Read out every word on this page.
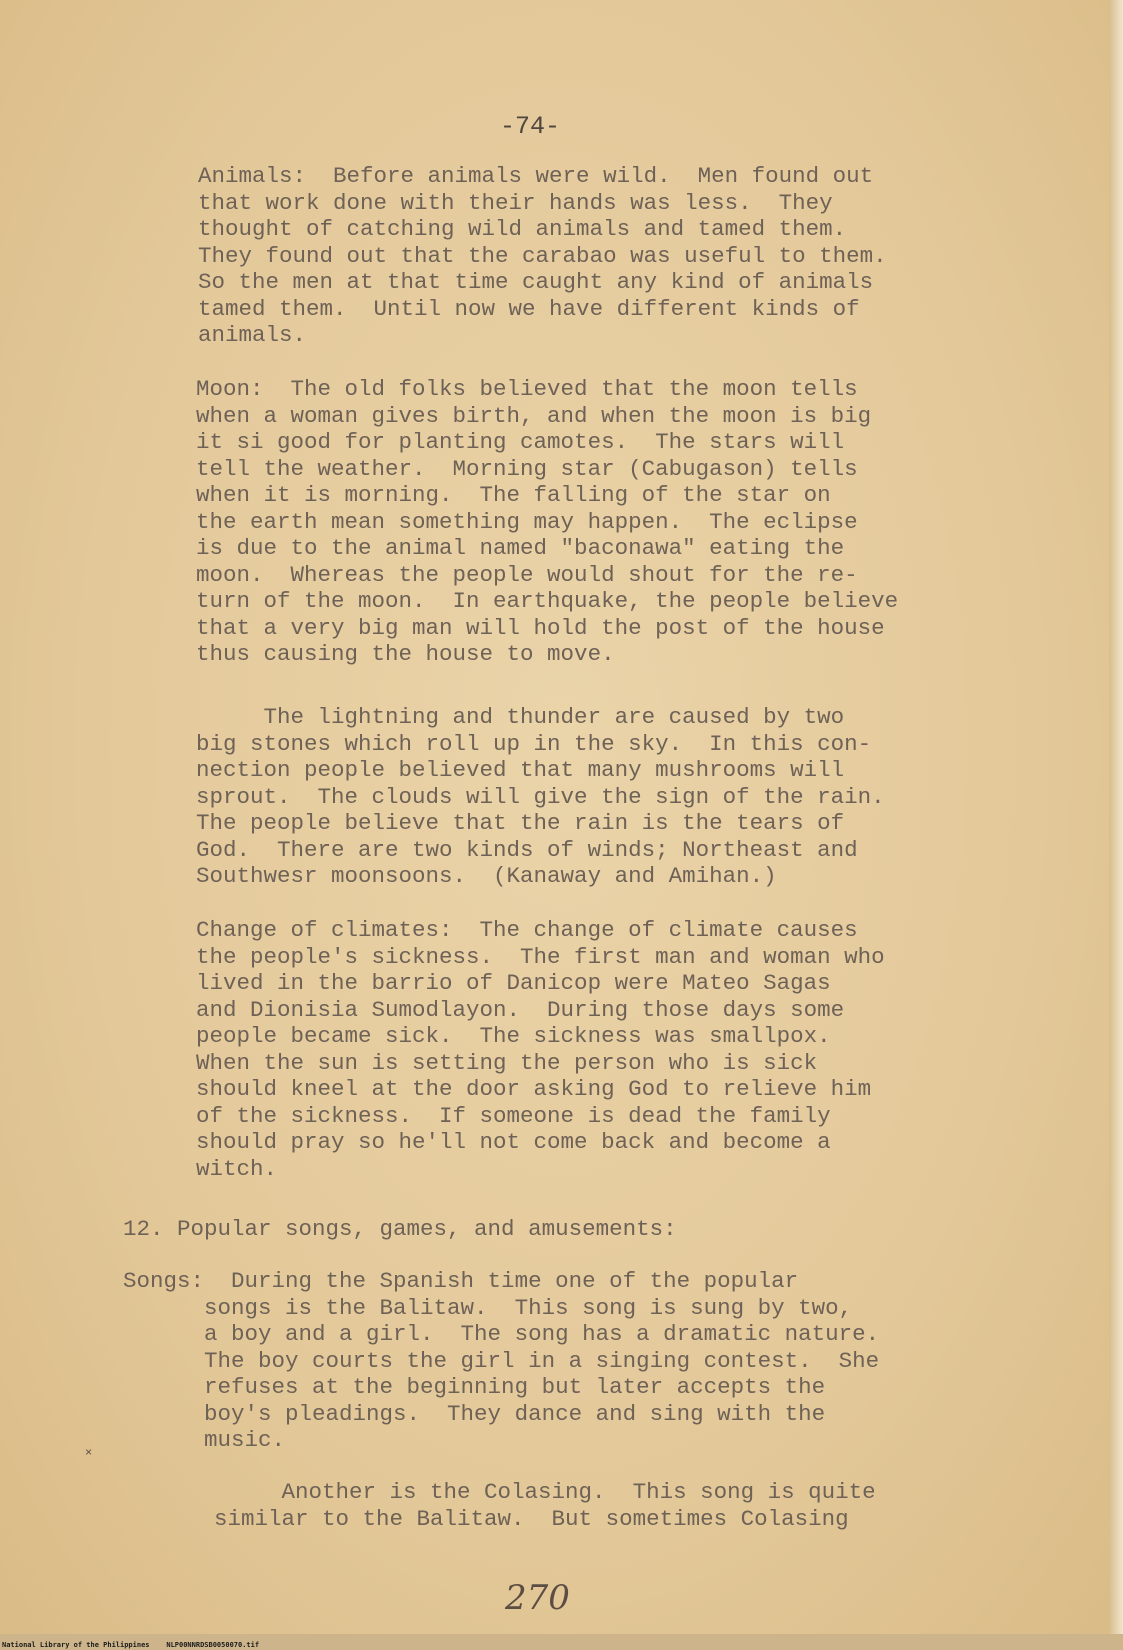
-74-

Animals:  Before animals were wild.  Men found out

that work done with their hands was less.  They

thought of catching wild animals and tamed them.

They found out that the carabao was useful to them.

So the men at that time caught any kind of animals

tamed them.  Until now we have different kinds of

animals.

Moon:  The old folks believed that the moon tells

when a woman gives birth, and when the moon is big

it si good for planting camotes.  The stars will

tell the weather.  Morning star (Cabugason) tells

when it is morning.  The falling of the star on

the earth mean something may happen.  The eclipse

is due to the animal named "baconawa" eating the

moon.  Whereas the people would shout for the re-

turn of the moon.  In earthquake, the people believe

that a very big man will hold the post of the house

thus causing the house to move.

The lightning and thunder are caused by two

big stones which roll up in the sky.  In this con-

nection people believed that many mushrooms will

sprout.  The clouds will give the sign of the rain.

The people believe that the rain is the tears of

God.  There are two kinds of winds; Northeast and

Southwesr moonsoons.  (Kanaway and Amihan.)

Change of climates:  The change of climate causes

the people's sickness.  The first man and woman who

lived in the barrio of Danicop were Mateo Sagas

and Dionisia Sumodlayon.  During those days some

people became sick.  The sickness was smallpox.

When the sun is setting the person who is sick

should kneel at the door asking God to relieve him

of the sickness.  If someone is dead the family

should pray so he'll not come back and become a

witch.

12. Popular songs, games, and amusements:

Songs:  During the Spanish time one of the popular

songs is the Balitaw.  This song is sung by two,

a boy and a girl.  The song has a dramatic nature.

The boy courts the girl in a singing contest.  She

refuses at the beginning but later accepts the

boy's pleadings.  They dance and sing with the

music.

Another is the Colasing.  This song is quite

similar to the Balitaw.  But sometimes Colasing

×
270
National Library of the Philippines    NLP00NNRDSB0050070.tif
